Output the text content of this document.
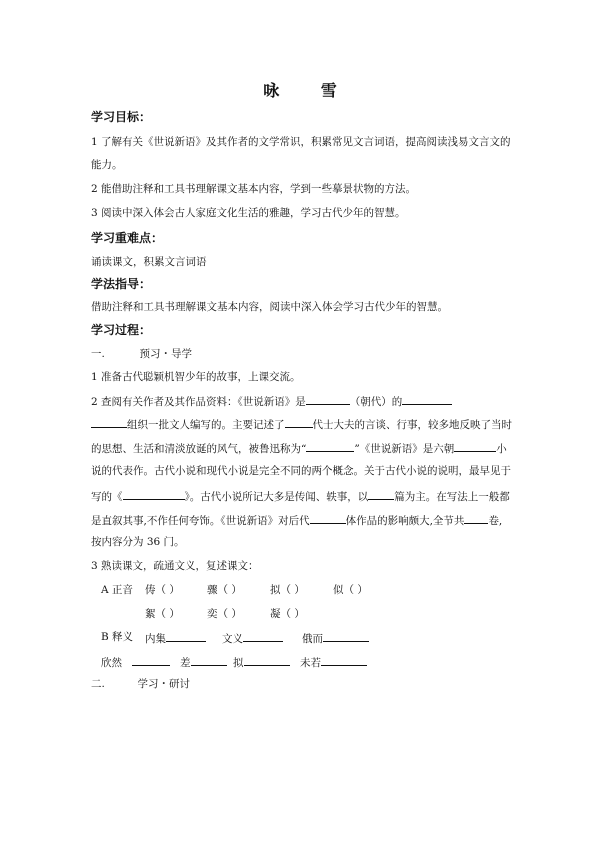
咏 雪
学习目标：
1 了解有关《世说新语》及其作者的文学常识，积累常见文言词语，提高阅读浅易文言文的
能力。
2 能借助注释和工具书理解课文基本内容，学到一些摹景状物的方法。
3 阅读中深入体会古人家庭文化生活的雅趣，学习古代少年的智慧。
学习重难点：
诵读课文，积累文言词语
学法指导：
借助注释和工具书理解课文基本内容，阅读中深入体会学习古代少年的智慧。
学习过程：
一.	预习・导学
1 准备古代聪颖机智少年的故事，上课交流。
2 查阅有关作者及其作品资料：《世说新语》是	（朝代）的
组织一批文人编写的。主要记述了	代士大夫的言谈、行事，较多地反映了当时
的思想、生活和清淡放诞的风气，被鲁迅称为“	”《世说新语》是六朝	小
说的代表作。古代小说和现代小说是完全不同的两个概念。关于古代小说的说明，最早见于
写的《	》。古代小说所记大多是传闻、轶事，以 篇为主。在写法上一般都
是直叙其事,不作任何夸饰。《世说新语》对后代	体作品的影响颇大,全节共 卷,
按内容分为 36 门。
3 熟读课文，疏通文义，复述课文：
A 正音 俦（ ）	骤（ ）	拟（ ）	似（ ）
絮（ ）	奕（ ）	凝（ ）
B 释义 内集	文义	俄而
欣然	差	拟	未若
二.	学习・研讨
